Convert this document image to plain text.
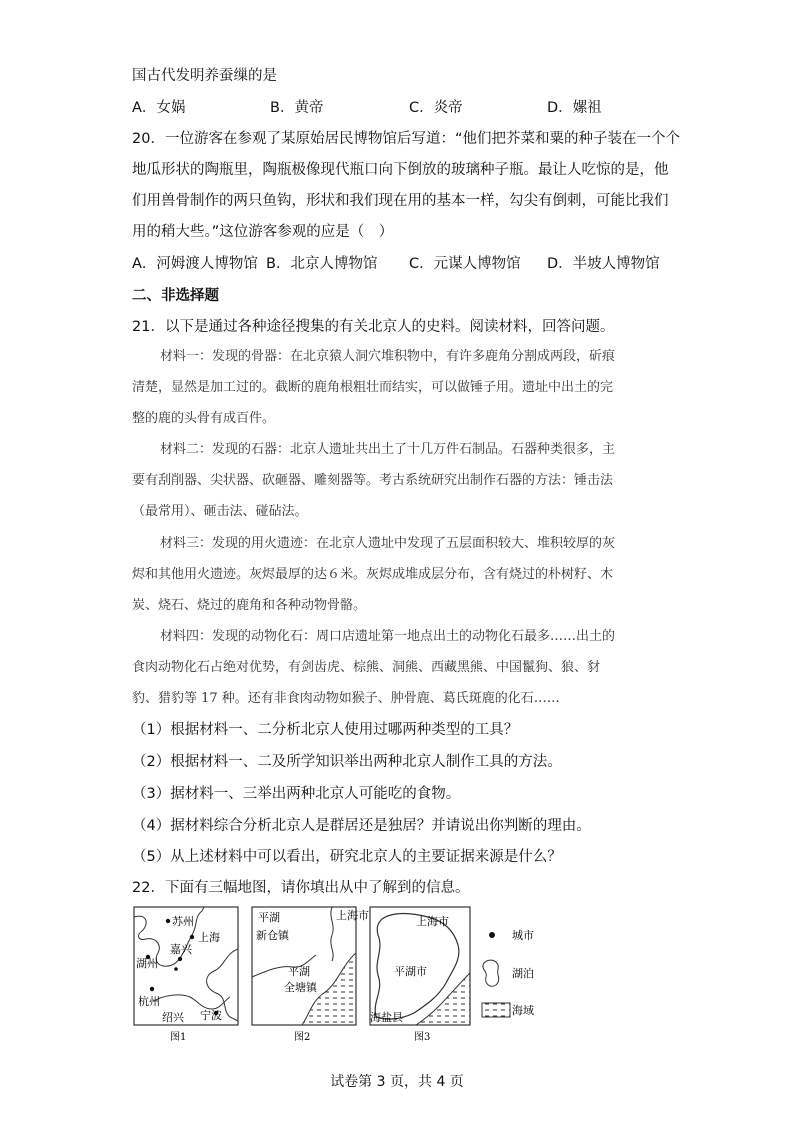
国古代发明养蚕缫的是
A．女娲	B．黄帝	C．炎帝	D．嫘祖
20．一位游客在参观了某原始居民博物馆后写道：“他们把芥菜和粟的种子装在一个个
地瓜形状的陶瓶里，陶瓶极像现代瓶口向下倒放的玻璃种子瓶。最让人吃惊的是，他
们用兽骨制作的两只鱼钩，形状和我们现在用的基本一样，勾尖有倒刺，可能比我们
用的稍大些。”这位游客参观的应是（　）
A．河姆渡人博物馆 B．北京人博物馆 C．元谋人博物馆 D．半坡人博物馆
二、非选择题
21．以下是通过各种途径搜集的有关北京人的史料。阅读材料，回答问题。

材料一：发现的骨器：在北京猿人洞穴堆积物中，有许多鹿角分割成两段，斫痕

清楚，显然是加工过的。截断的鹿角根粗壮而结实，可以做锤子用。遗址中出土的完

整的鹿的头骨有成百件。

材料二：发现的石器：北京人遗址共出土了十几万件石制品。石器种类很多，主

要有刮削器、尖状器、砍砸器、雕刻器等。考古系统研究出制作石器的方法：锤击法

（最常用）、砸击法、碰砧法。

材料三：发现的用火遗迹：在北京人遗址中发现了五层面积较大、堆积较厚的灰

烬和其他用火遗迹。灰烬最厚的达６米。灰烬成堆成层分布，含有烧过的朴树籽、木

炭、烧石、烧过的鹿角和各种动物骨骼。

材料四：发现的动物化石：周口店遗址第一地点出土的动物化石最多……出土的

食肉动物化石占绝对优势，有剑齿虎、棕熊、洞熊、西藏黑熊、中国鬣狗、狼、豺

豹、猎豹等 17 种。还有非食肉动物如猴子、肿骨鹿、葛氏斑鹿的化石……

（1）根据材料一、二分析北京人使用过哪两种类型的工具？
（2）根据材料一、二及所学知识举出两种北京人制作工具的方法。
（3）据材料一、三举出两种北京人可能吃的食物。
（4）据材料综合分析北京人是群居还是独居？并请说出你判断的理由。
（5）从上述材料中可以看出，研究北京人的主要证据来源是什么？
22．下面有三幅地图，请你填出从中了解到的信息。
苏州
上海
嘉兴
湖州
杭州
绍兴 宁波
图1
平湖
新仓镇
上海市
平湖
全塘镇
图2
上海市
平湖市
海盐县
图3
城市
湖泊
海域
试卷第 3 页，共 4 页
